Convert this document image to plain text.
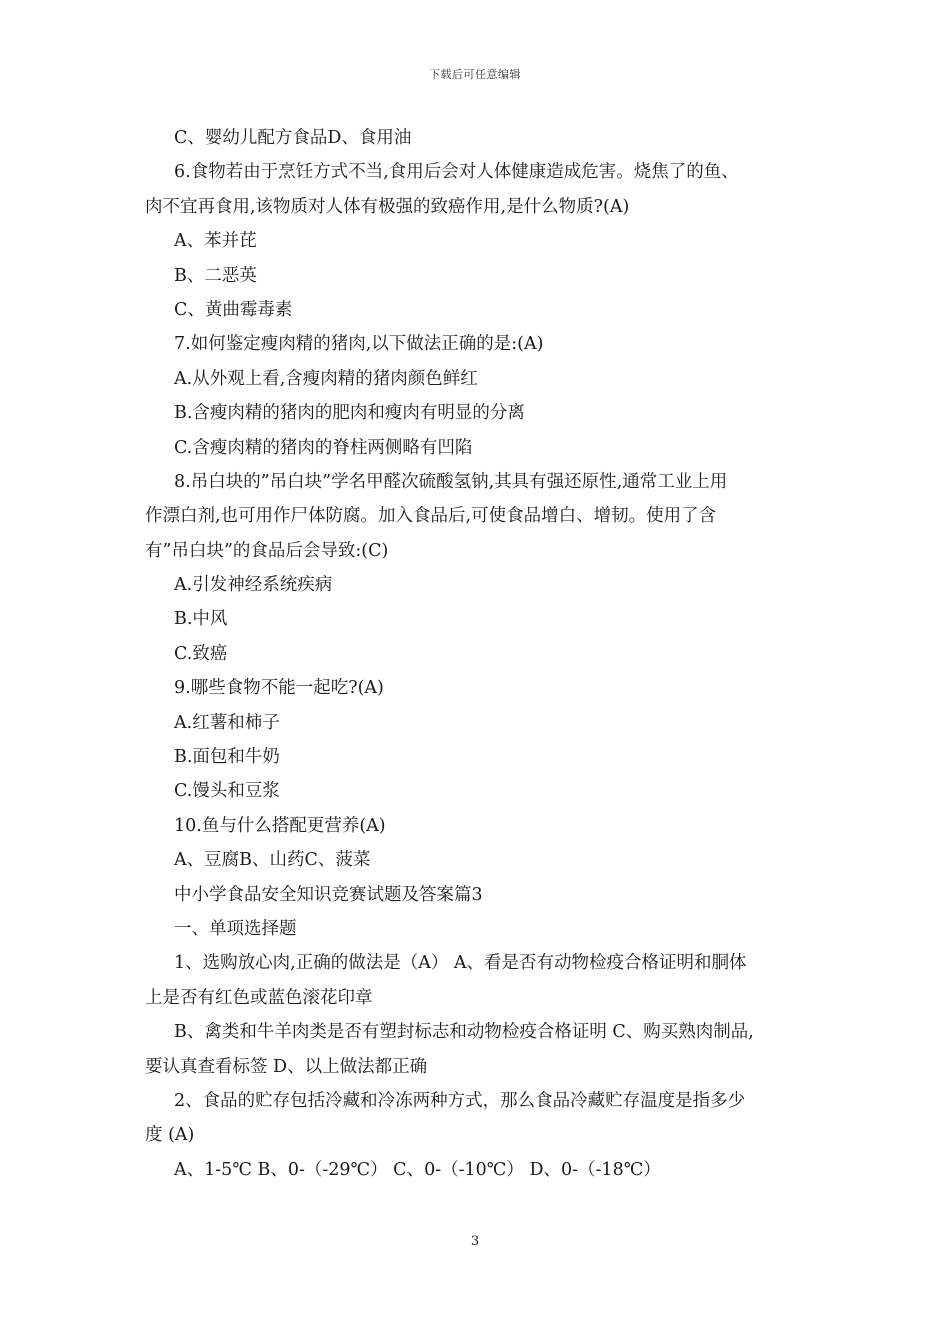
下载后可任意编辑
C、婴幼儿配方食品D、食用油
6.食物若由于烹饪方式不当,食用后会对人体健康造成危害。烧焦了的鱼、
肉不宜再食用,该物质对人体有极强的致癌作用,是什么物质?(A)
A、苯并芘
B、二恶英
C、黄曲霉毒素
7.如何鉴定瘦肉精的猪肉,以下做法正确的是:(A)
A.从外观上看,含瘦肉精的猪肉颜色鲜红
B.含瘦肉精的猪肉的肥肉和瘦肉有明显的分离
C.含瘦肉精的猪肉的脊柱两侧略有凹陷
8.吊白块的”吊白块”学名甲醛次硫酸氢钠,其具有强还原性,通常工业上用
作漂白剂,也可用作尸体防腐。加入食品后,可使食品增白、增韧。使用了含
有”吊白块”的食品后会导致:(C)
A.引发神经系统疾病
B.中风
C.致癌
9.哪些食物不能一起吃?(A)
A.红薯和柿子
B.面包和牛奶
C.馒头和豆浆
10.鱼与什么搭配更营养(A)
A、豆腐B、山药C、菠菜
中小学食品安全知识竞赛试题及答案篇3
一、单项选择题
1、选购放心肉,正确的做法是（A） A、看是否有动物检疫合格证明和胴体
上是否有红色或蓝色滚花印章
B、禽类和牛羊肉类是否有塑封标志和动物检疫合格证明 C、购买熟肉制品,
要认真查看标签 D、以上做法都正确
2、食品的贮存包括冷藏和冷冻两种方式，那么食品冷藏贮存温度是指多少
度 (A)
A、1-5℃ B、0-（-29℃） C、0-（-10℃） D、0-（-18℃）
3
